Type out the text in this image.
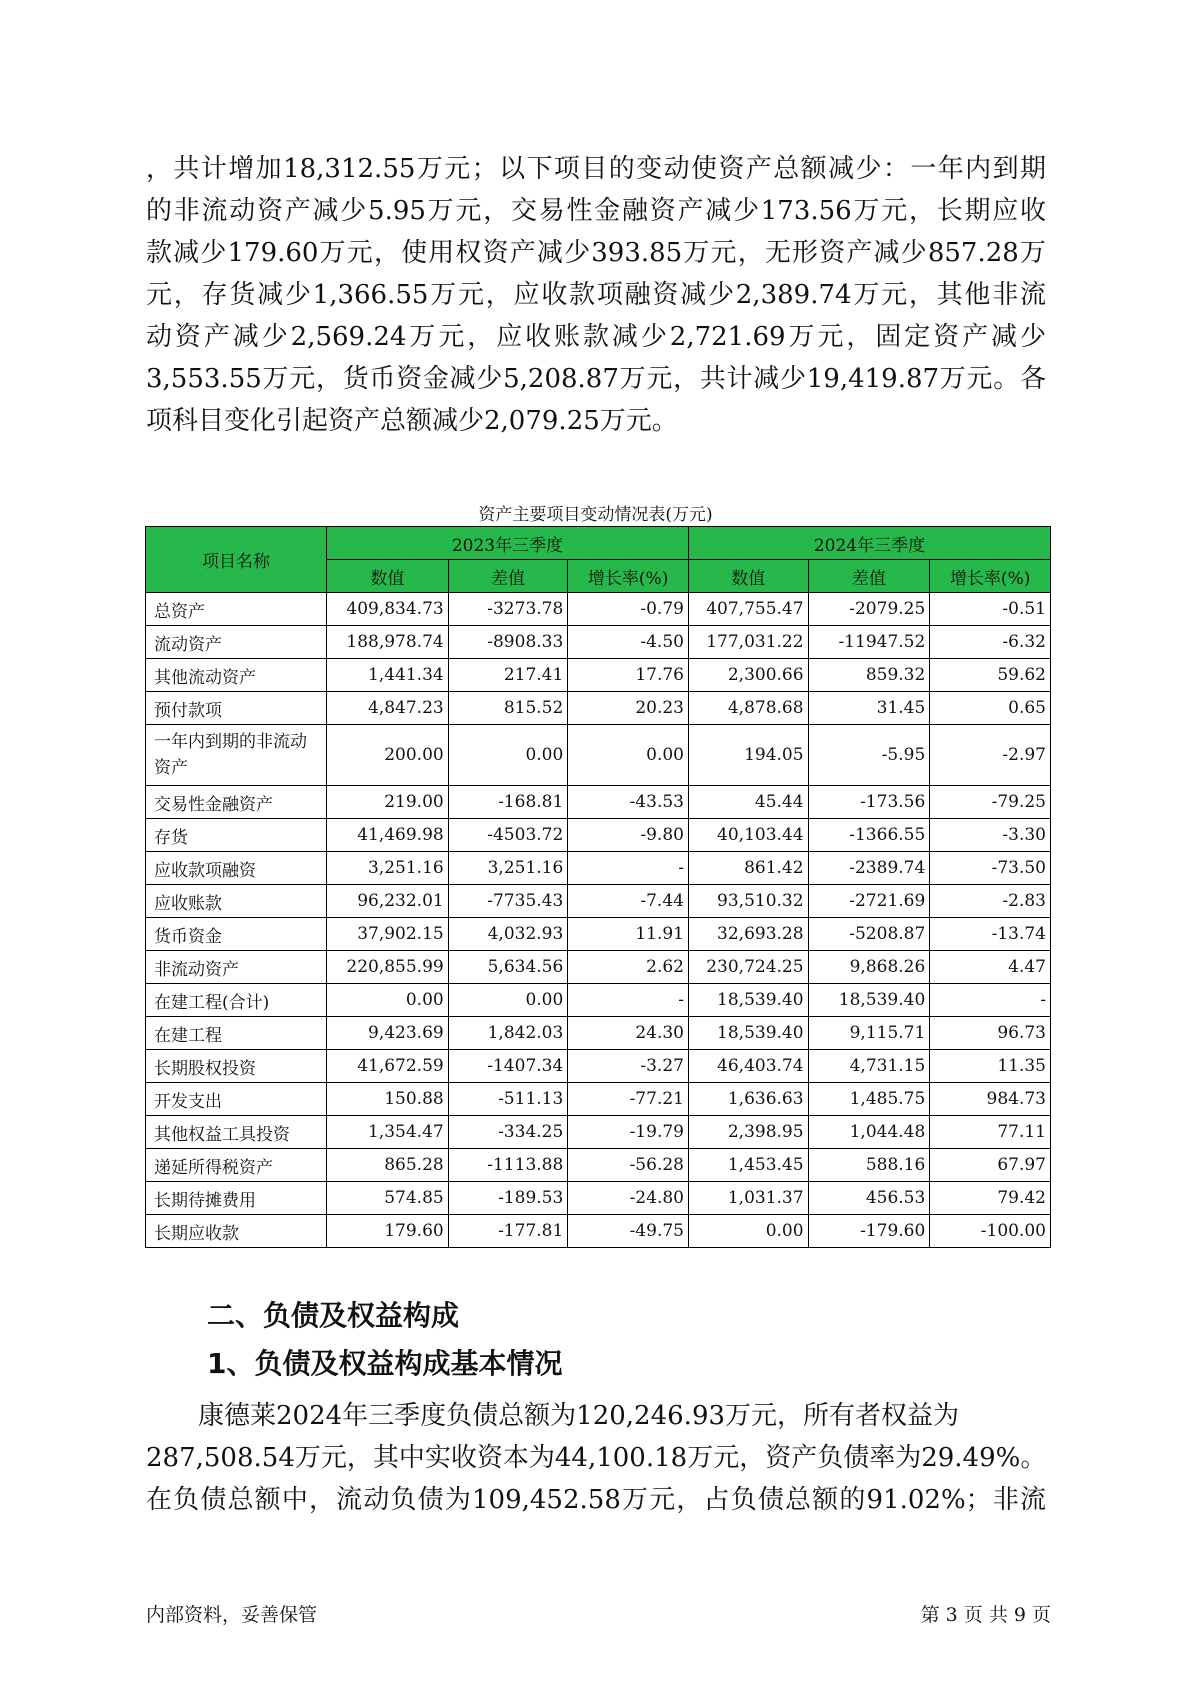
，共计增加18,312.55万元；以下项目的变动使资产总额减少：一年内到期
的非流动资产减少5.95万元，交易性金融资产减少173.56万元，长期应收
款减少179.60万元，使用权资产减少393.85万元，无形资产减少857.28万
元，存货减少1,366.55万元，应收款项融资减少2,389.74万元，其他非流
动资产减少2,569.24万元，应收账款减少2,721.69万元，固定资产减少
3,553.55万元，货币资金减少5,208.87万元，共计减少19,419.87万元。各
项科目变化引起资产总额减少2,079.25万元。
资产主要项目变动情况表(万元)
项目名称	2023年三季度			2024年三季度		
	数值	差值	增长率(%)	数值	差值	增长率(%)
总资产	409,834.73	-3273.78	-0.79	407,755.47	-2079.25	-0.51
流动资产	188,978.74	-8908.33	-4.50	177,031.22	-11947.52	-6.32
其他流动资产	1,441.34	217.41	17.76	2,300.66	859.32	59.62
预付款项	4,847.23	815.52	20.23	4,878.68	31.45	0.65
一年内到期的非流动资产	200.00	0.00	0.00	194.05	-5.95	-2.97
交易性金融资产	219.00	-168.81	-43.53	45.44	-173.56	-79.25
存货	41,469.98	-4503.72	-9.80	40,103.44	-1366.55	-3.30
应收款项融资	3,251.16	3,251.16	-	861.42	-2389.74	-73.50
应收账款	96,232.01	-7735.43	-7.44	93,510.32	-2721.69	-2.83
货币资金	37,902.15	4,032.93	11.91	32,693.28	-5208.87	-13.74
非流动资产	220,855.99	5,634.56	2.62	230,724.25	9,868.26	4.47
在建工程(合计)	0.00	0.00	-	18,539.40	18,539.40	-
在建工程	9,423.69	1,842.03	24.30	18,539.40	9,115.71	96.73
长期股权投资	41,672.59	-1407.34	-3.27	46,403.74	4,731.15	11.35
开发支出	150.88	-511.13	-77.21	1,636.63	1,485.75	984.73
其他权益工具投资	1,354.47	-334.25	-19.79	2,398.95	1,044.48	77.11
递延所得税资产	865.28	-1113.88	-56.28	1,453.45	588.16	67.97
长期待摊费用	574.85	-189.53	-24.80	1,031.37	456.53	79.42
长期应收款	179.60	-177.81	-49.75	0.00	-179.60	-100.00
二、负债及权益构成
1、负债及权益构成基本情况
康德莱2024年三季度负债总额为120,246.93万元，所有者权益为
287,508.54万元，其中实收资本为44,100.18万元，资产负债率为29.49%。
在负债总额中，流动负债为109,452.58万元，占负债总额的91.02%；非流
内部资料，妥善保管	第 3 页 共 9 页
